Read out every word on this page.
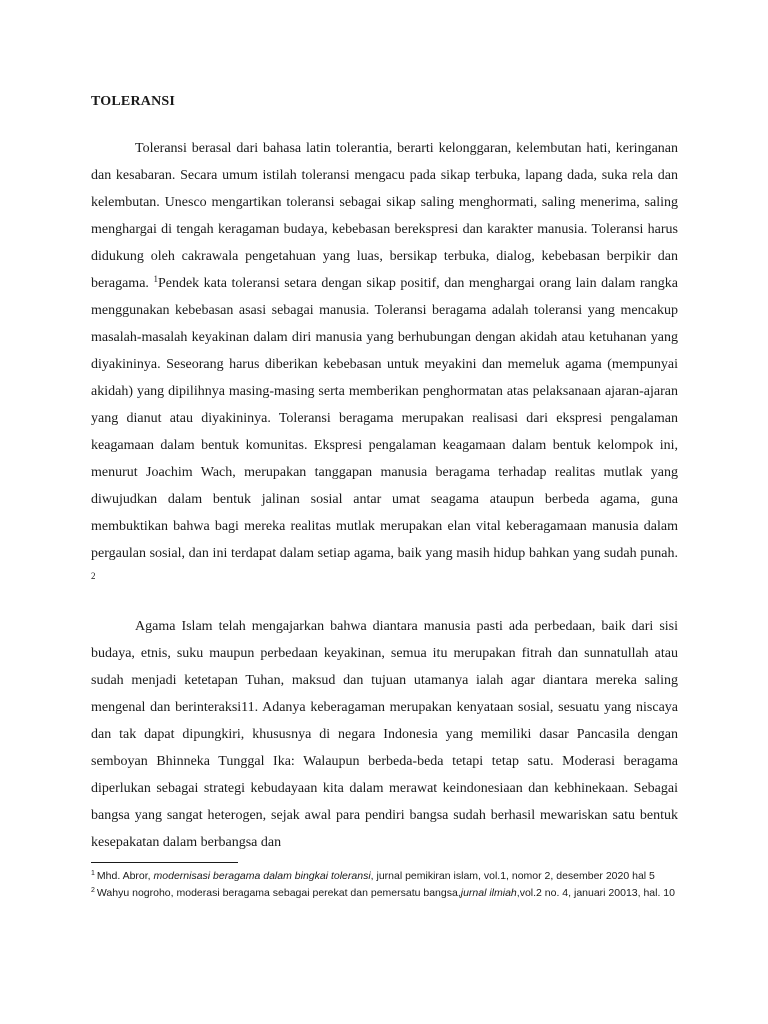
TOLERANSI

Toleransi berasal dari bahasa latin tolerantia, berarti kelonggaran, kelembutan hati, keringanan dan kesabaran. Secara umum istilah toleransi mengacu pada sikap terbuka, lapang dada, suka rela dan kelembutan. Unesco mengartikan toleransi sebagai sikap saling menghormati, saling menerima, saling menghargai di tengah keragaman budaya, kebebasan berekspresi dan karakter manusia. Toleransi harus didukung oleh cakrawala pengetahuan yang luas, bersikap terbuka, dialog, kebebasan berpikir dan beragama. $^1$Pendek kata toleransi setara dengan sikap positif, dan menghargai orang lain dalam rangka menggunakan kebebasan asasi sebagai manusia. Toleransi beragama adalah toleransi yang mencakup masalah-masalah keyakinan dalam diri manusia yang berhubungan dengan akidah atau ketuhanan yang diyakininya. Seseorang harus diberikan kebebasan untuk meyakini dan memeluk agama (mempunyai akidah) yang dipilihnya masing-masing serta memberikan penghormatan atas pelaksanaan ajaran-ajaran yang dianut atau diyakininya. Toleransi beragama merupakan realisasi dari ekspresi pengalaman keagamaan dalam bentuk komunitas. Ekspresi pengalaman keagamaan dalam bentuk kelompok ini, menurut Joachim Wach, merupakan tanggapan manusia beragama terhadap realitas mutlak yang diwujudkan dalam bentuk jalinan sosial antar umat seagama ataupun berbeda agama, guna membuktikan bahwa bagi mereka realitas mutlak merupakan elan vital keberagamaan manusia dalam pergaulan sosial, dan ini terdapat dalam setiap agama, baik yang masih hidup bahkan yang sudah punah. $^2$

Agama Islam telah mengajarkan bahwa diantara manusia pasti ada perbedaan, baik dari sisi budaya, etnis, suku maupun perbedaan keyakinan, semua itu merupakan fitrah dan sunnatullah atau sudah menjadi ketetapan Tuhan, maksud dan tujuan utamanya ialah agar diantara mereka saling mengenal dan berinteraksi11. Adanya keberagaman merupakan kenyataan sosial, sesuatu yang niscaya dan tak dapat dipungkiri, khususnya di negara Indonesia yang memiliki dasar Pancasila dengan semboyan Bhinneka Tunggal Ika: Walaupun berbeda-beda tetapi tetap satu. Moderasi beragama diperlukan sebagai strategi kebudayaan kita dalam merawat keindonesiaan dan kebhinekaan. Sebagai bangsa yang sangat heterogen, sejak awal para pendiri bangsa sudah berhasil mewariskan satu bentuk kesepakatan dalam berbangsa dan

$^1$ Mhd. Abror, modernisasi beragama dalam bingkai toleransi, jurnal pemikiran islam, vol.1, nomor 2, desember 2020 hal 5

$^2$ Wahyu nogroho, moderasi beragama sebagai perekat dan pemersatu bangsa,jurnal ilmiah,vol.2 no. 4, januari 20013, hal. 10
